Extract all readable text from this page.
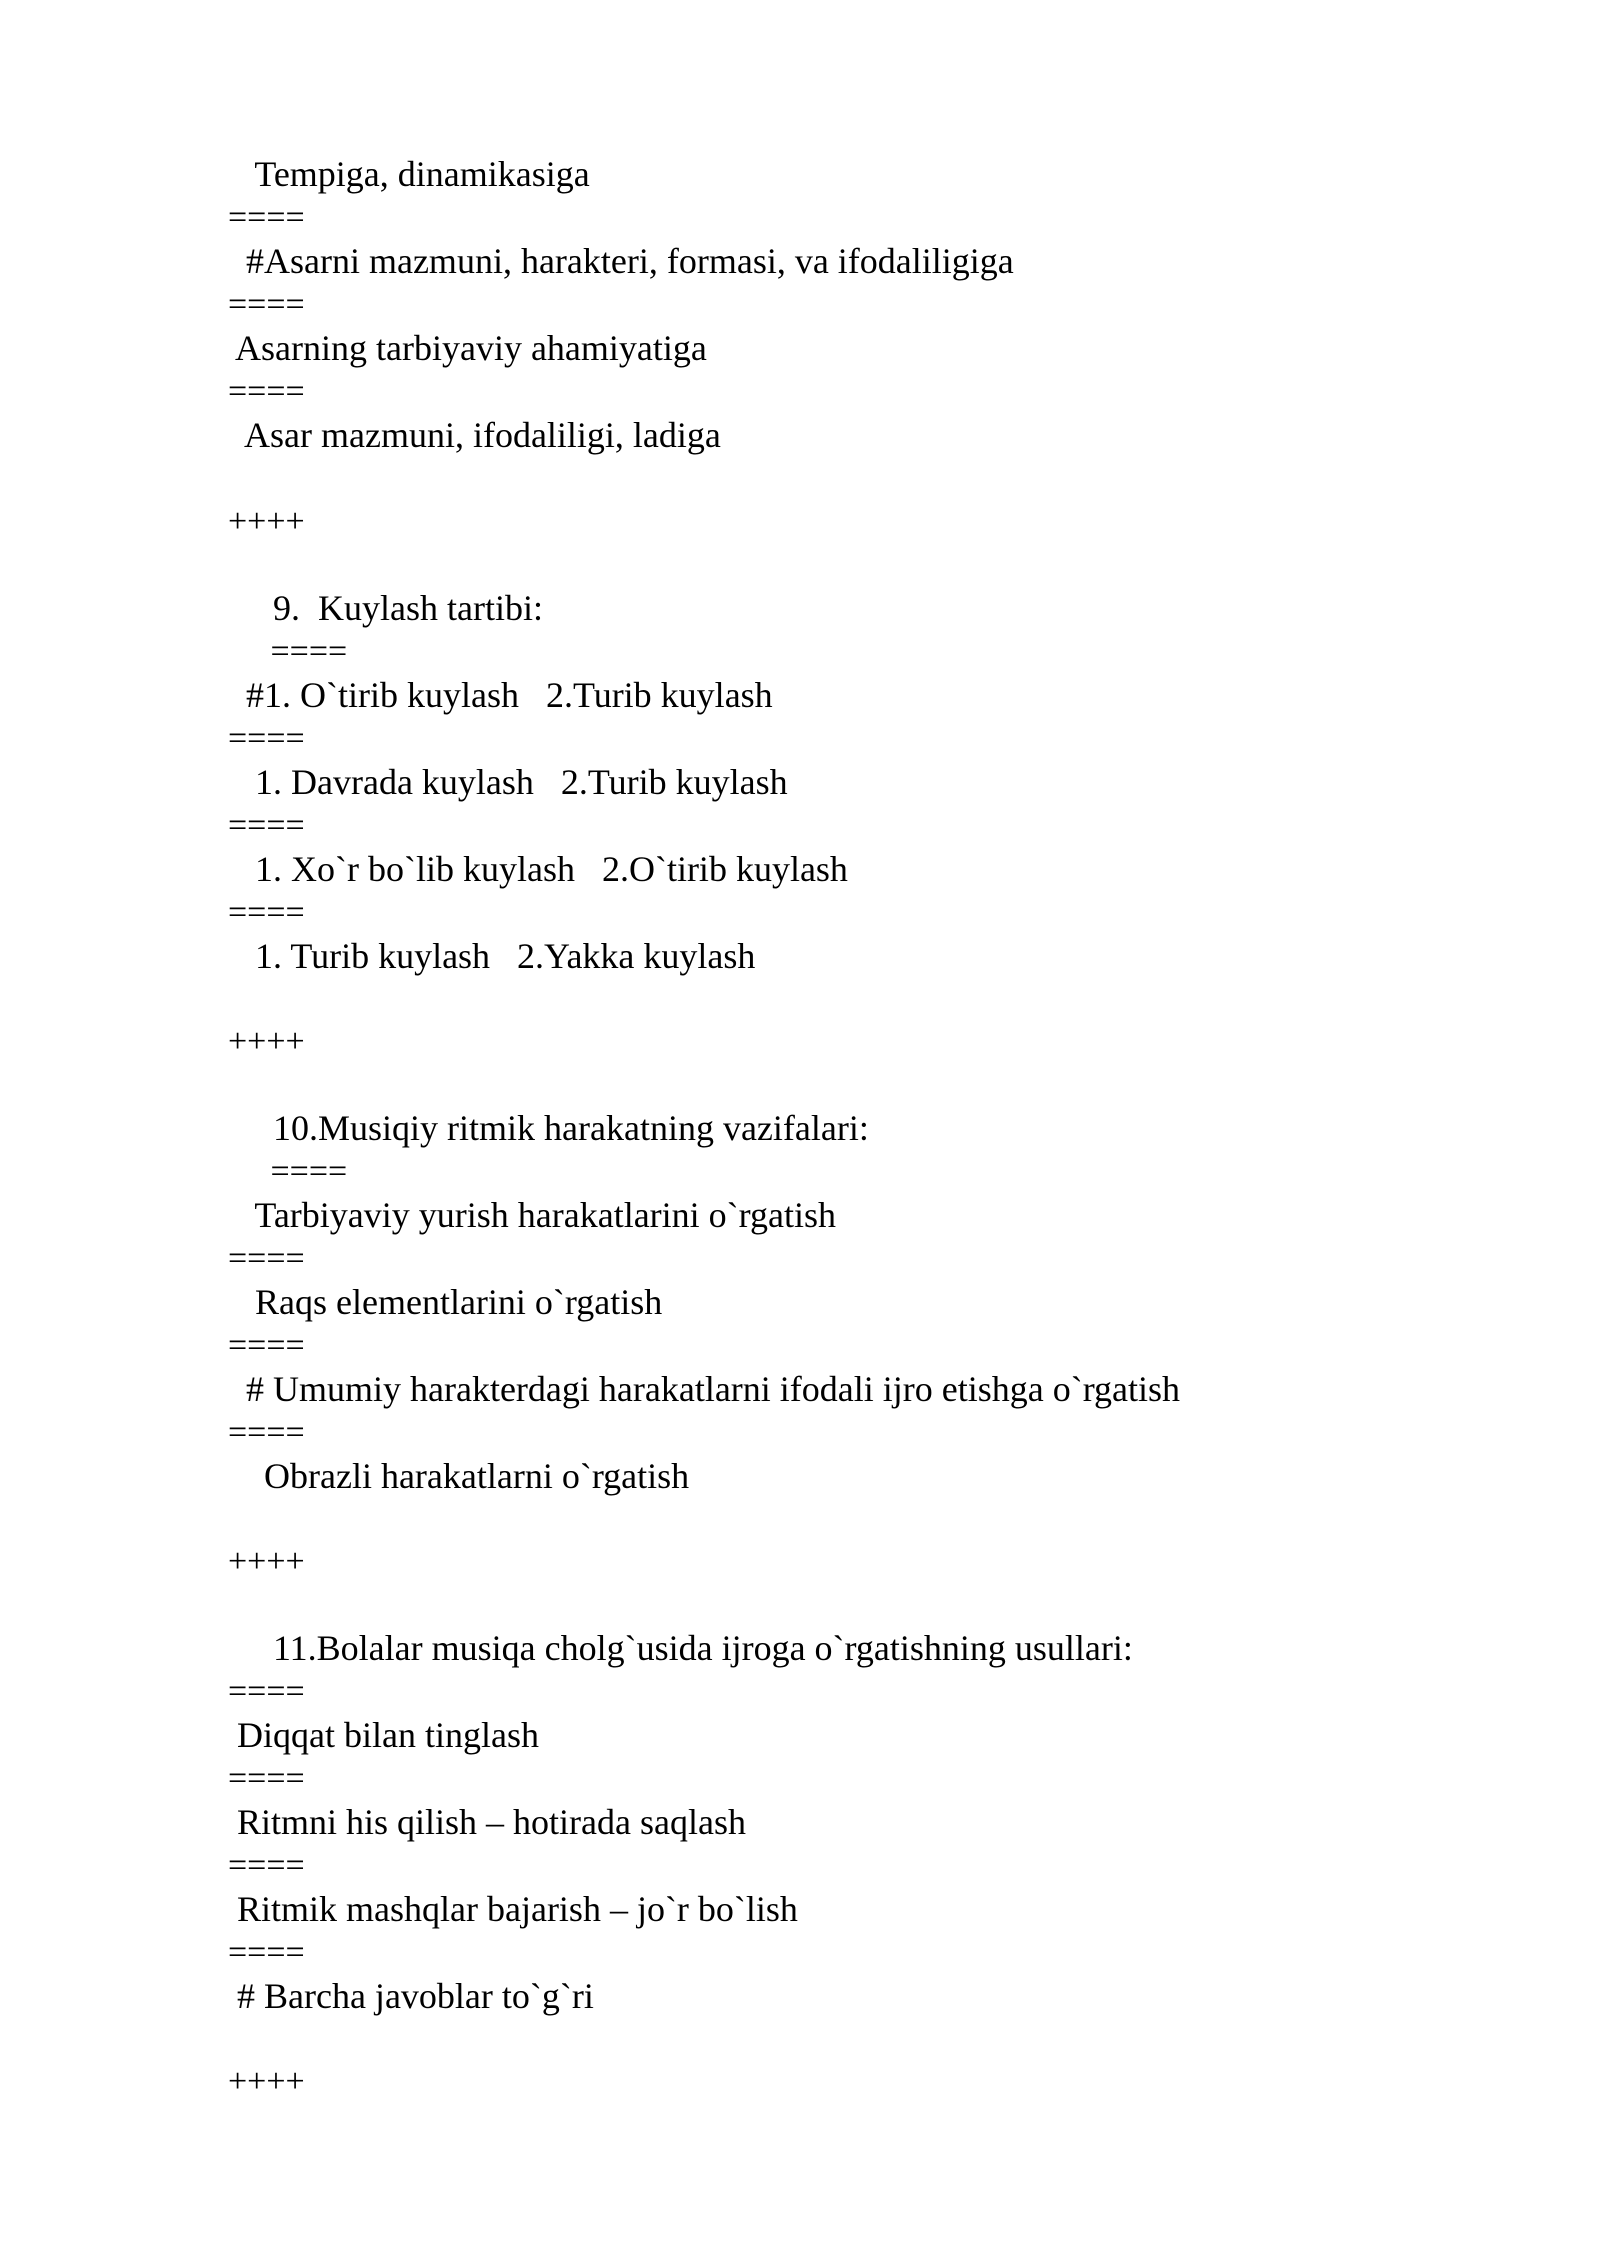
Tempiga, dinamikasiga
====
#Asarni mazmuni, harakteri, formasi, va ifodaliligiga
====
Asarning tarbiyaviy ahamiyatiga
====
Asar mazmuni, ifodaliligi, ladiga
++++
9.  Kuylash tartibi:
====
#1. O`tirib kuylash   2.Turib kuylash
====
1. Davrada kuylash   2.Turib kuylash
====
1. Xo`r bo`lib kuylash   2.O`tirib kuylash
====
1. Turib kuylash   2.Yakka kuylash
++++
10.Musiqiy ritmik harakatning vazifalari:
====
Tarbiyaviy yurish harakatlarini o`rgatish
====
Raqs elementlarini o`rgatish
====
# Umumiy harakterdagi harakatlarni ifodali ijro etishga o`rgatish
====
Obrazli harakatlarni o`rgatish
++++
11.Bolalar musiqa cholg`usida ijroga o`rgatishning usullari:
====
Diqqat bilan tinglash
====
Ritmni his qilish – hotirada saqlash
====
Ritmik mashqlar bajarish – jo`r bo`lish
====
# Barcha javoblar to`g`ri
++++
